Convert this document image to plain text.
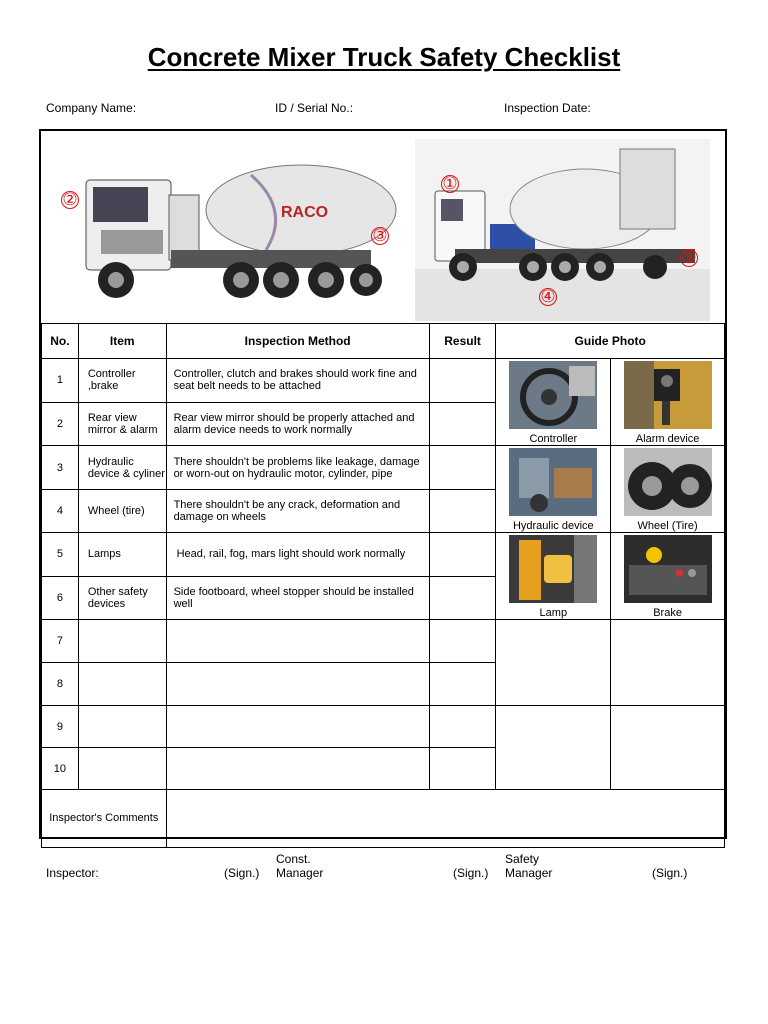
Concrete Mixer Truck Safety Checklist
Company Name:	ID / Serial No.:	Inspection Date:
RACO
②
③
①
⑤
④
No.	Item	Inspection Method	Result	Guide Photo	
1	Controller ,brake	Controller, clutch and brakes should work fine and seat belt needs to be attached		Controller	Alarm device

2	Rear view mirror & alarm	Rear view mirror should be properly attached and alarm device needs to work normally			
3	Hydraulic device & cyliner	There shouldn't be problems like leakage, damage or worn-out on hydraulic motor, cylinder, pipe		Hydraulic device	Wheel (Tire)

4	Wheel (tire)	There shouldn't be any crack, deformation and damage on wheels			
5	Lamps	Head, rail, fog, mars light should work normally		Lamp	Brake

6	Other safety devices	Side footboard, wheel stopper should be installed well			
7					
8					
9					
10					
Inspector's Comments					
Inspector:	(Sign.)
Const. Manager	(Sign.)
Safety Manager	(Sign.)
